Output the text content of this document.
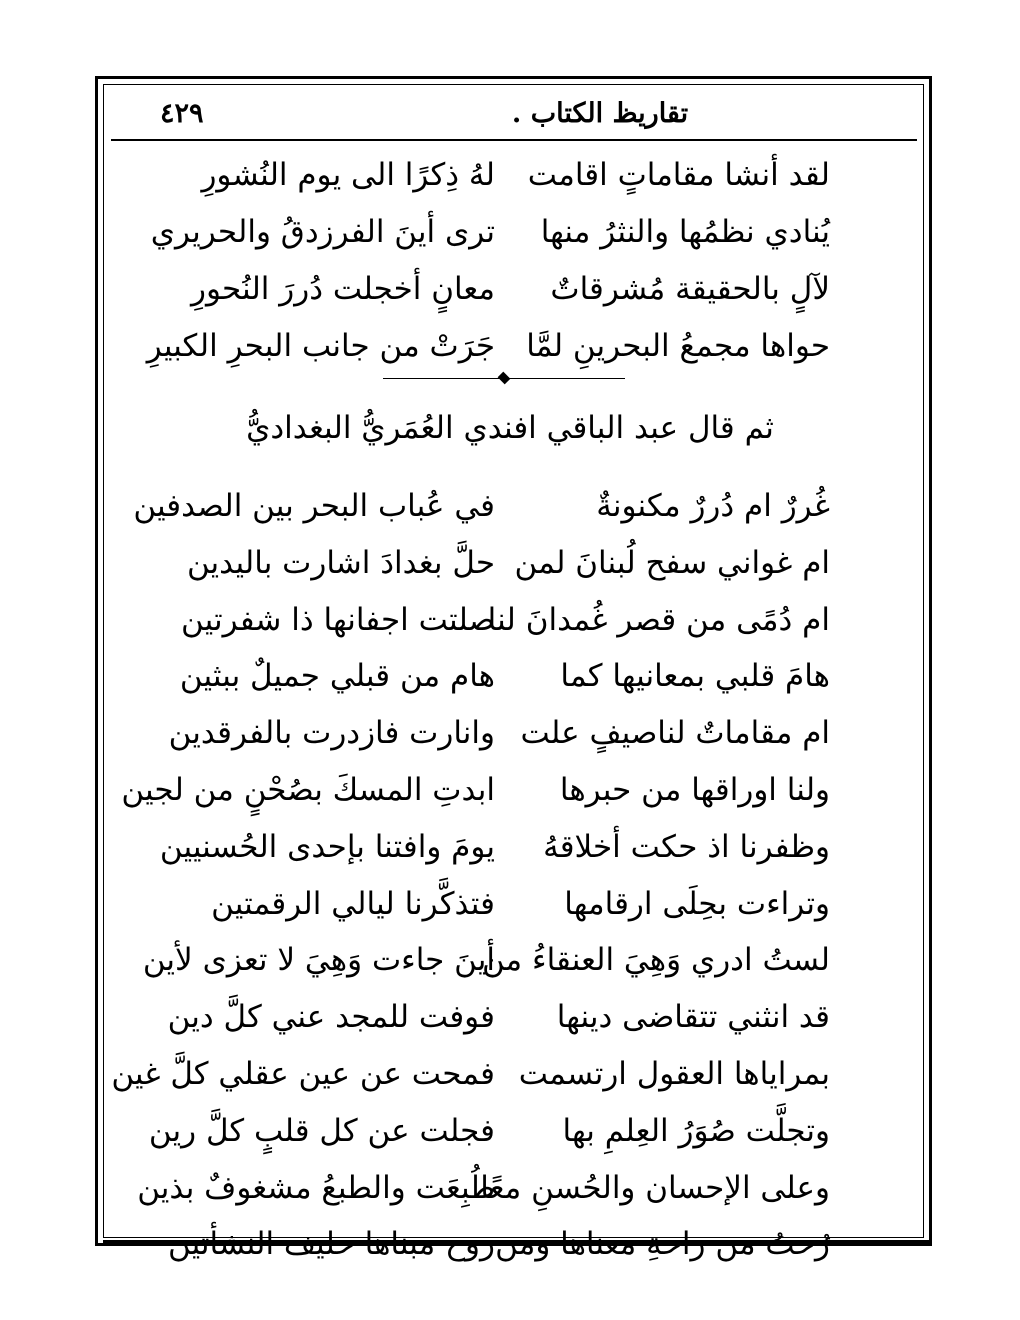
٤٢٩	تقاريظ الكتاب .
لقد أنشا مقاماتٍ اقامت
لهُ ذِكرًا الى يوم النُشورِ
يُنادي نظمُها والنثرُ منها
ترى أينَ الفرزدقُ والحريري
لآلٍ بالحقيقة مُشرقاتٌ
معانٍ أخجلت دُررَ النُحورِ
حواها مجمعُ البحرينِ لمَّا
جَرَتْ من جانب البحرِ الكبيرِ
ثم قال عبد الباقي افندي العُمَريُّ البغداديُّ
غُررٌ ام دُررٌ مكنونةٌ
في عُباب البحر بين الصدفين
ام غواني سفح لُبنانَ لمن
حلَّ بغدادَ اشارت باليدين
ام دُمًى من قصر غُمدانَ لنا
صلتت اجفانها ذا شفرتين
هامَ قلبي بمعانيها كما
هام من قبلي جميلٌ ببثين
ام مقاماتٌ لناصيفٍ علت
وانارت فازدرت بالفرقدين
ولنا اوراقها من حبرها
ابدتِ المسكَ بصُحْنٍ من لجين
وظفرنا اذ حكت أخلاقهُ
يومَ وافتنا بإحدى الحُسنيين
وتراءت بحِلَى ارقامها
فتذكَّرنا ليالي الرقمتين
لستُ ادري وَهِيَ العنقاءُ من
أينَ جاءت وَهِيَ لا تعزى لأين
قد انثني تتقاضى دينها
فوفت للمجد عني كلَّ دين
بمراياها العقول ارتسمت
فمحت عن عين عقلي كلَّ غين
وتجلَّت صُوَرُ العِلمِ بها
فجلت عن كل قلبٍ كلَّ رين
وعلى الإحسان والحُسنِ معًا
طُبِعَت والطبعُ مشغوفٌ بذين
رُحتُ من راحةِ معناها ومن
روح مبناها حليف النشأتين
